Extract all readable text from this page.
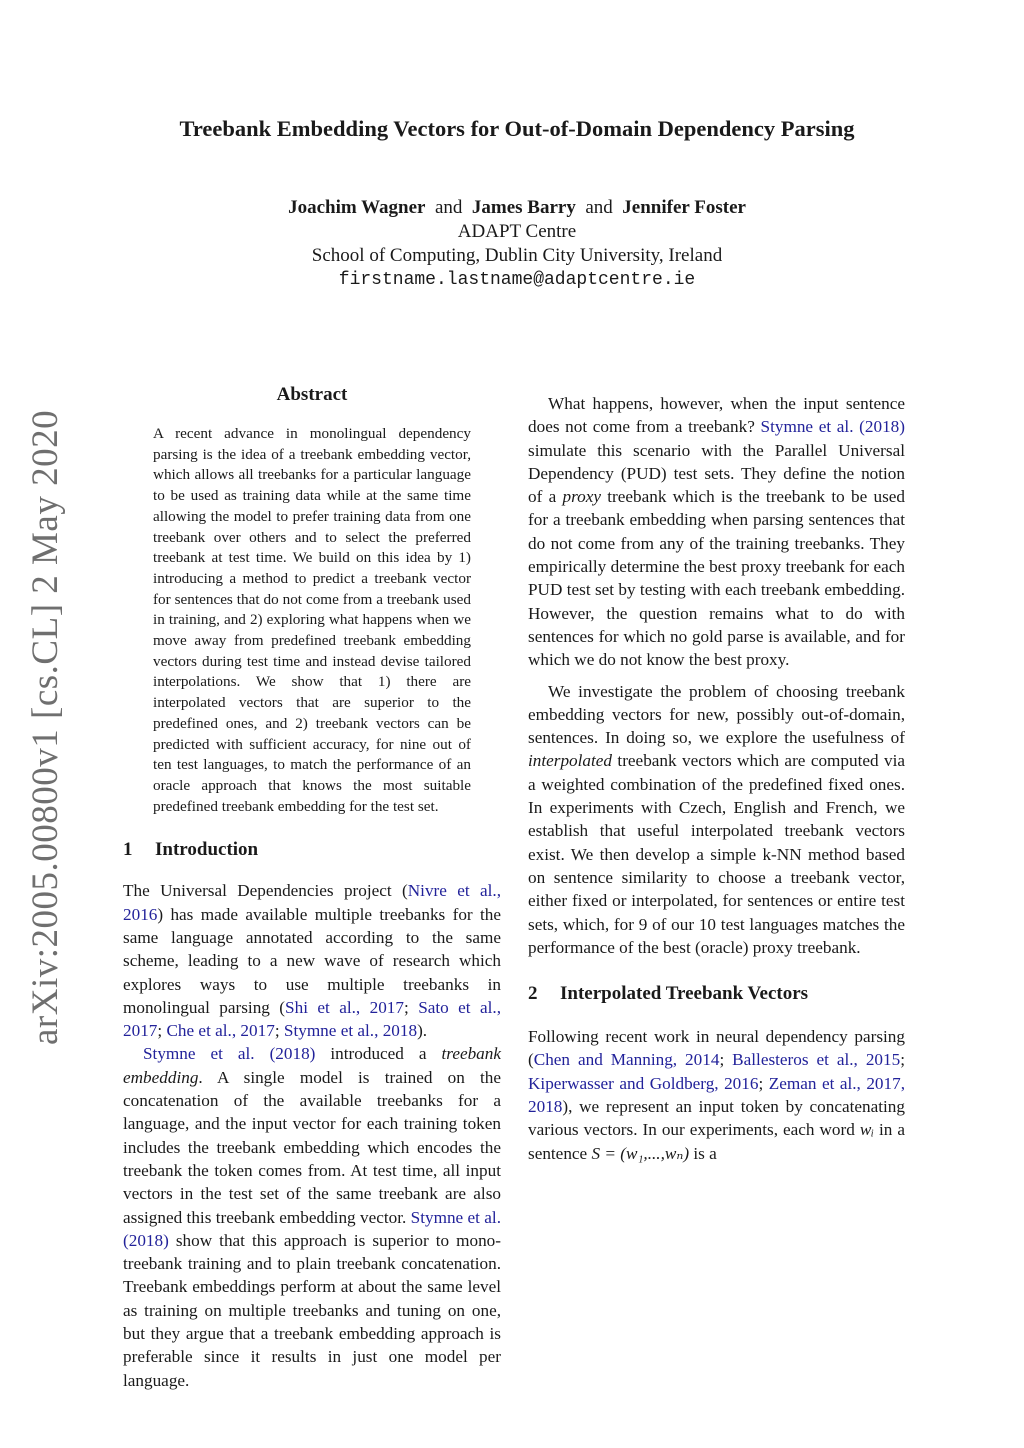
arXiv:2005.00800v1 [cs.CL] 2 May 2020
Treebank Embedding Vectors for Out-of-Domain Dependency Parsing
Joachim Wagner and James Barry and Jennifer Foster
ADAPT Centre
School of Computing, Dublin City University, Ireland
firstname.lastname@adaptcentre.ie
Abstract

A recent advance in monolingual dependency parsing is the idea of a treebank embedding vector, which allows all treebanks for a particular language to be used as training data while at the same time allowing the model to prefer training data from one treebank over others and to select the preferred treebank at test time. We build on this idea by 1) introducing a method to predict a treebank vector for sentences that do not come from a treebank used in training, and 2) exploring what happens when we move away from predefined treebank embedding vectors during test time and instead devise tailored interpolations. We show that 1) there are interpolated vectors that are superior to the predefined ones, and 2) treebank vectors can be predicted with sufficient accuracy, for nine out of ten test languages, to match the performance of an oracle approach that knows the most suitable predefined treebank embedding for the test set.

1 Introduction

The Universal Dependencies project (Nivre et al., 2016) has made available multiple treebanks for the same language annotated according to the same scheme, leading to a new wave of research which explores ways to use multiple treebanks in monolingual parsing (Shi et al., 2017; Sato et al., 2017; Che et al., 2017; Stymne et al., 2018).

Stymne et al. (2018) introduced a treebank embedding. A single model is trained on the concatenation of the available treebanks for a language, and the input vector for each training token includes the treebank embedding which encodes the treebank the token comes from. At test time, all input vectors in the test set of the same treebank are also assigned this treebank embedding vector. Stymne et al. (2018) show that this approach is superior to mono-treebank training and to plain treebank concatenation. Treebank embeddings perform at about the same level as training on multiple treebanks and tuning on one, but they argue that a treebank embedding approach is preferable since it results in just one model per language.

What happens, however, when the input sentence does not come from a treebank? Stymne et al. (2018) simulate this scenario with the Parallel Universal Dependency (PUD) test sets. They define the notion of a proxy treebank which is the treebank to be used for a treebank embedding when parsing sentences that do not come from any of the training treebanks. They empirically determine the best proxy treebank for each PUD test set by testing with each treebank embedding. However, the question remains what to do with sentences for which no gold parse is available, and for which we do not know the best proxy.

We investigate the problem of choosing treebank embedding vectors for new, possibly out-of-domain, sentences. In doing so, we explore the usefulness of interpolated treebank vectors which are computed via a weighted combination of the predefined fixed ones. In experiments with Czech, English and French, we establish that useful interpolated treebank vectors exist. We then develop a simple k-NN method based on sentence similarity to choose a treebank vector, either fixed or interpolated, for sentences or entire test sets, which, for 9 of our 10 test languages matches the performance of the best (oracle) proxy treebank.

2 Interpolated Treebank Vectors

Following recent work in neural dependency parsing (Chen and Manning, 2014; Ballesteros et al., 2015; Kiperwasser and Goldberg, 2016; Zeman et al., 2017, 2018), we represent an input token by concatenating various vectors. In our experiments, each word wᵢ in a sentence S = (w₁,...,wₙ) is a
